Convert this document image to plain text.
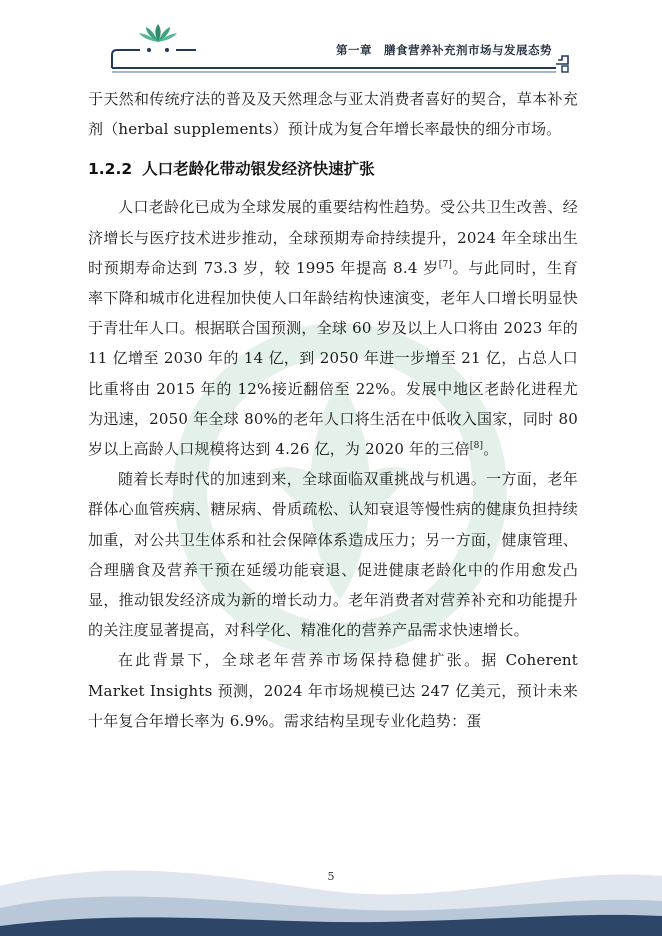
第一章　膳食营养补充剂市场与发展态势

于天然和传统疗法的普及及天然理念与亚太消费者喜好的契合，草本补充剂（herbal supplements）预计成为复合年增长率最快的细分市场。

1.2.2 人口老龄化带动银发经济快速扩张

人口老龄化已成为全球发展的重要结构性趋势。受公共卫生改善、经济增长与医疗技术进步推动，全球预期寿命持续提升，2024 年全球出生时预期寿命达到 73.3 岁，较 1995 年提高 8.4 岁[7]。与此同时，生育率下降和城市化进程加快使人口年龄结构快速演变，老年人口增长明显快于青壮年人口。根据联合国预测，全球 60 岁及以上人口将由 2023 年的 11 亿增至 2030 年的 14 亿，到 2050 年进一步增至 21 亿，占总人口比重将由 2015 年的 12%接近翻倍至 22%。发展中地区老龄化进程尤为迅速，2050 年全球 80%的老年人口将生活在中低收入国家，同时 80 岁以上高龄人口规模将达到 4.26 亿，为 2020 年的三倍[8]。

随着长寿时代的加速到来，全球面临双重挑战与机遇。一方面，老年群体心血管疾病、糖尿病、骨质疏松、认知衰退等慢性病的健康负担持续加重，对公共卫生体系和社会保障体系造成压力；另一方面，健康管理、合理膳食及营养干预在延缓功能衰退、促进健康老龄化中的作用愈发凸显，推动银发经济成为新的增长动力。老年消费者对营养补充和功能提升的关注度显著提高，对科学化、精准化的营养产品需求快速增长。

在此背景下，全球老年营养市场保持稳健扩张。据 Coherent Market Insights 预测，2024 年市场规模已达 247 亿美元，预计未来十年复合年增长率为 6.9%。需求结构呈现专业化趋势：蛋

5
